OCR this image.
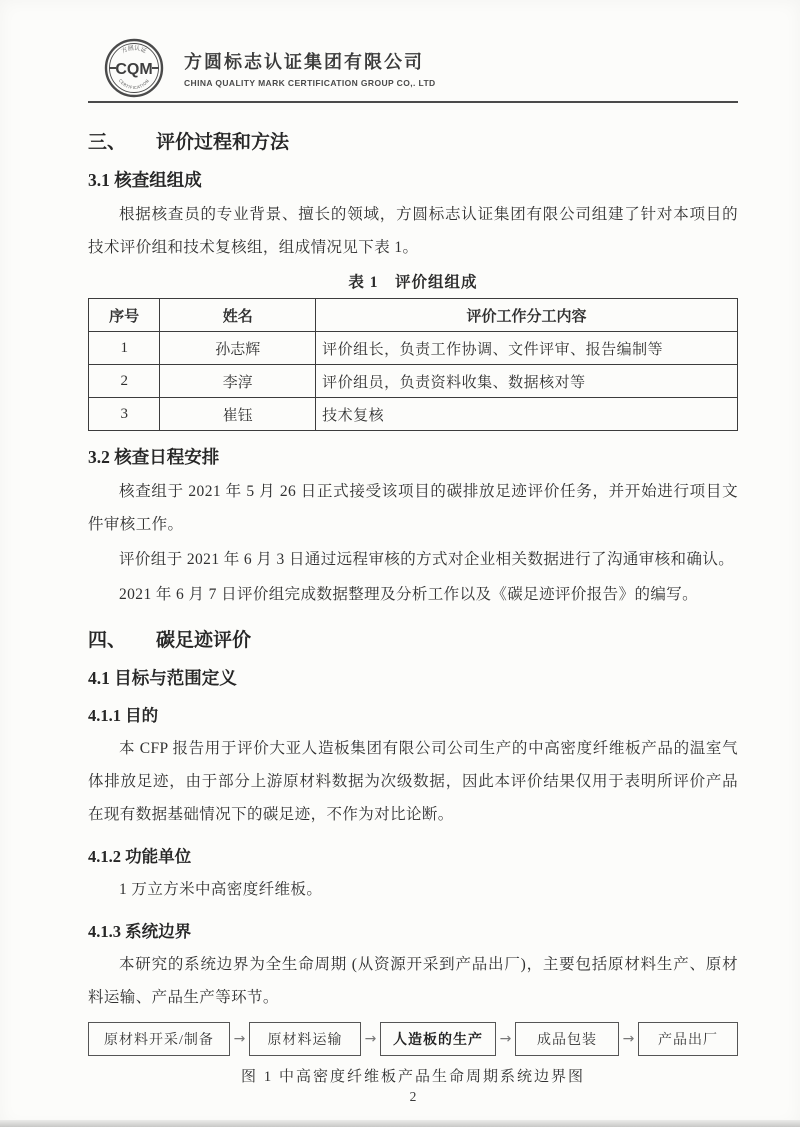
CQM
方圆认证
CERTIFICATION
方圆标志认证集团有限公司
CHINA QUALITY MARK CERTIFICATION GROUP CO,. LTD
三、 评价过程和方法
3.1 核查组组成
根据核查员的专业背景、擅长的领域，方圆标志认证集团有限公司组建了针对本项目的技术评价组和技术复核组，组成情况见下表 1。
表 1　评价组组成
序号	姓名	评价工作分工内容
1	孙志辉	评价组长，负责工作协调、文件评审、报告编制等
2	李淳	评价组员，负责资料收集、数据核对等
3	崔钰	技术复核
3.2 核查日程安排
核查组于 2021 年 5 月 26 日正式接受该项目的碳排放足迹评价任务，并开始进行项目文件审核工作。
评价组于 2021 年 6 月 3 日通过远程审核的方式对企业相关数据进行了沟通审核和确认。
2021 年 6 月 7 日评价组完成数据整理及分析工作以及《碳足迹评价报告》的编写。
四、 碳足迹评价
4.1 目标与范围定义
4.1.1 目的
本 CFP 报告用于评价大亚人造板集团有限公司公司生产的中高密度纤维板产品的温室气体排放足迹，由于部分上游原材料数据为次级数据，因此本评价结果仅用于表明所评价产品在现有数据基础情况下的碳足迹，不作为对比论断。
4.1.2 功能单位
1 万立方米中高密度纤维板。
4.1.3 系统边界
本研究的系统边界为全生命周期 (从资源开采到产品出厂)，主要包括原材料生产、原材料运输、产品生产等环节。
原材料开采/制备	→	原材料运输	→	人造板的生产	→	成品包装	→	产品出厂
图 1 中高密度纤维板产品生命周期系统边界图
2
